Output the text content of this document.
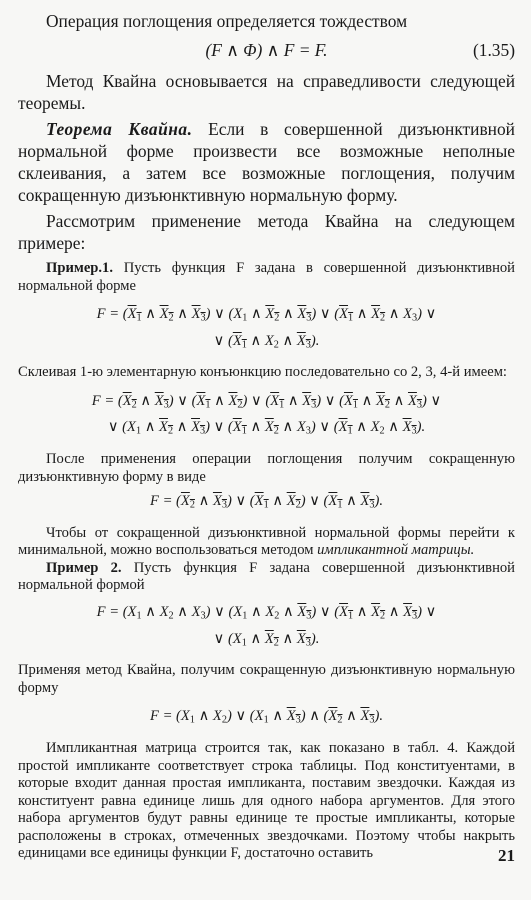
Операция поглощения определяется тождеством

(F ∧ Φ) ∧ F = F.	(1.35)

Метод Квайна основывается на справедливости следующей теоремы.

Теорема Квайна. Если в совершенной дизъюнктивной нормальной форме произвести все возможные неполные склеивания, а затем все возможные поглощения, получим сокращенную дизъюнктивную нормальную форму.

Рассмотрим применение метода Квайна на следующем примере:

Пример.1. Пусть функция F задана в совершенной дизъюнктивной нормальной форме

$F = (X_1$ ∧ $X_2$ ∧ $X_3$) ∨ ($X_1$ ∧ $X_2$ ∧ $X_3$) ∨ ($X_1$ ∧ $X_2$ ∧ $X_3$) ∨
∨ ($X_1$ ∧ $X_2$ ∧ $X_3$).

Склеивая 1-ю элементарную конъюнкцию последовательно со 2, 3, 4-й имеем:

$F = (X_2$ ∧ $X_3$) ∨ ($X_1$ ∧ $X_2$) ∨ ($X_1$ ∧ $X_3$) ∨ ($X_1$ ∧ $X_2$ ∧ $X_3$) ∨
∨ ($X_1$ ∧ $X_2$ ∧ $X_3$) ∨ ($X_1$ ∧ $X_2$ ∧ $X_3$) ∨ ($X_1$ ∧ $X_2$ ∧ $X_3$).

После применения операции поглощения получим сокращенную дизъюнктивную форму в виде

$F = (X_2$ ∧ $X_3$) ∨ ($X_1$ ∧ $X_2$) ∨ ($X_1$ ∧ $X_3$).

Чтобы от сокращенной дизъюнктивной нормальной формы перейти к минимальной, можно воспользоваться методом импликантной матрицы.

Пример 2. Пусть функция F задана совершенной дизъюнктивной нормальной формой

$F = (X_1$ ∧ $X_2$ ∧ $X_3$) ∨ ($X_1$ ∧ $X_2$ ∧ $X_3$) ∨ ($X_1$ ∧ $X_2$ ∧ $X_3$) ∨
∨ ($X_1$ ∧ $X_2$ ∧ $X_3$).

Применяя метод Квайна, получим сокращенную дизъюнктивную нормальную форму

$F = (X_1$ ∧ $X_2$) ∨ ($X_1$ ∧ $X_3$) ∧ ($X_2$ ∧ $X_3$).

Импликантная матрица строится так, как показано в табл. 4. Каждой простой импликанте соответствует строка таблицы. Под конституентами, в которые входит данная простая импликанта, поставим звездочки. Каждая из конституент равна единице лишь для одного набора аргументов. Для этого набора аргументов будут равны единице те простые импликанты, которые расположены в строках, отмеченных звездочками. Поэтому чтобы накрыть единицами все единицы функции F, достаточно оставить	21
